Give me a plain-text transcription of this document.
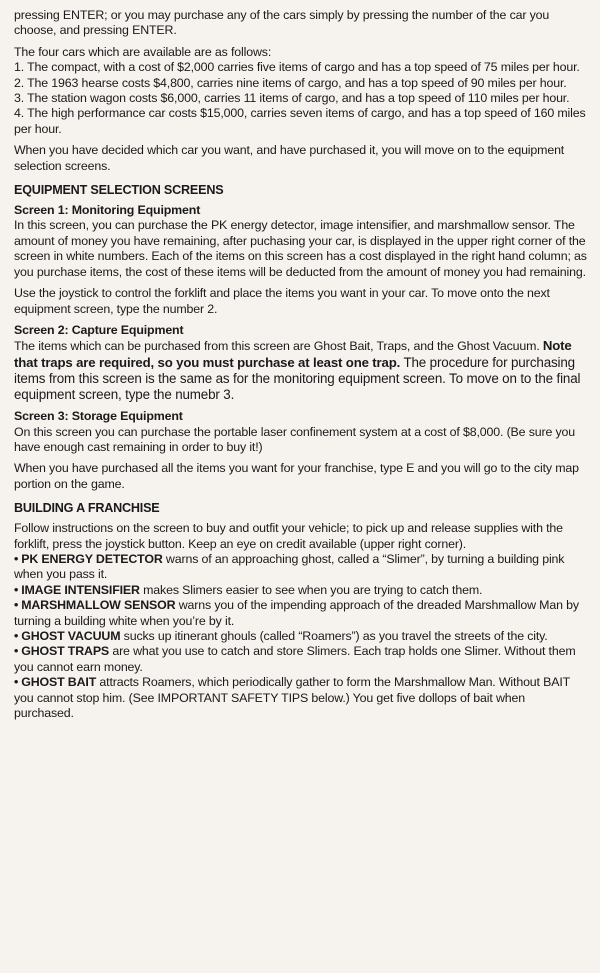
pressing ENTER; or you may purchase any of the cars simply by pressing the number of the car you choose, and pressing ENTER.

The four cars which are available are as follows:

1. The compact, with a cost of $2,000 carries five items of cargo and has a top speed of 75 miles per hour.
2. The 1963 hearse costs $4,800, carries nine items of cargo, and has a top speed of 90 miles per hour.
3. The station wagon costs $6,000, carries 11 items of cargo, and has a top speed of 110 miles per hour.
4. The high performance car costs $15,000, carries seven items of cargo, and has a top speed of 160 miles per hour.

When you have decided which car you want, and have purchased it, you will move on to the equipment selection screens.

EQUIPMENT SELECTION SCREENS
Screen 1: Monitoring Equipment

In this screen, you can purchase the PK energy detector, image intensifier, and marshmallow sensor. The amount of money you have remaining, after puchasing your car, is displayed in the upper right corner of the screen in white numbers. Each of the items on this screen has a cost displayed in the right hand column; as you purchase items, the cost of these items will be deducted from the amount of money you had remaining.

Use the joystick to control the forklift and place the items you want in your car. To move onto the next equipment screen, type the number 2.

Screen 2: Capture Equipment

The items which can be purchased from this screen are Ghost Bait, Traps, and the Ghost Vacuum. Note that traps are required, so you must purchase at least one trap. The procedure for purchasing items from this screen is the same as for the monitoring equipment screen. To move on to the final equipment screen, type the numebr 3.

Screen 3: Storage Equipment

On this screen you can purchase the portable laser confinement system at a cost of $8,000. (Be sure you have enough cast remaining in order to buy it!)

When you have purchased all the items you want for your franchise, type E and you will go to the city map portion on the game.

BUILDING A FRANCHISE

Follow instructions on the screen to buy and outfit your vehicle; to pick up and release supplies with the forklift, press the joystick button. Keep an eye on credit available (upper right corner).

• PK ENERGY DETECTOR warns of an approaching ghost, called a “Slimer”, by turning a building pink when you pass it.
• IMAGE INTENSIFIER makes Slimers easier to see when you are trying to catch them.
• MARSHMALLOW SENSOR warns you of the impending approach of the dreaded Marshmallow Man by turning a building white when you’re by it.
• GHOST VACUUM sucks up itinerant ghouls (called “Roamers”) as you travel the streets of the city.
• GHOST TRAPS are what you use to catch and store Slimers. Each trap holds one Slimer. Without them you cannot earn money.
• GHOST BAIT attracts Roamers, which periodically gather to form the Marshmallow Man. Without BAIT you cannot stop him. (See IMPORTANT SAFETY TIPS below.) You get five dollops of bait when purchased.
